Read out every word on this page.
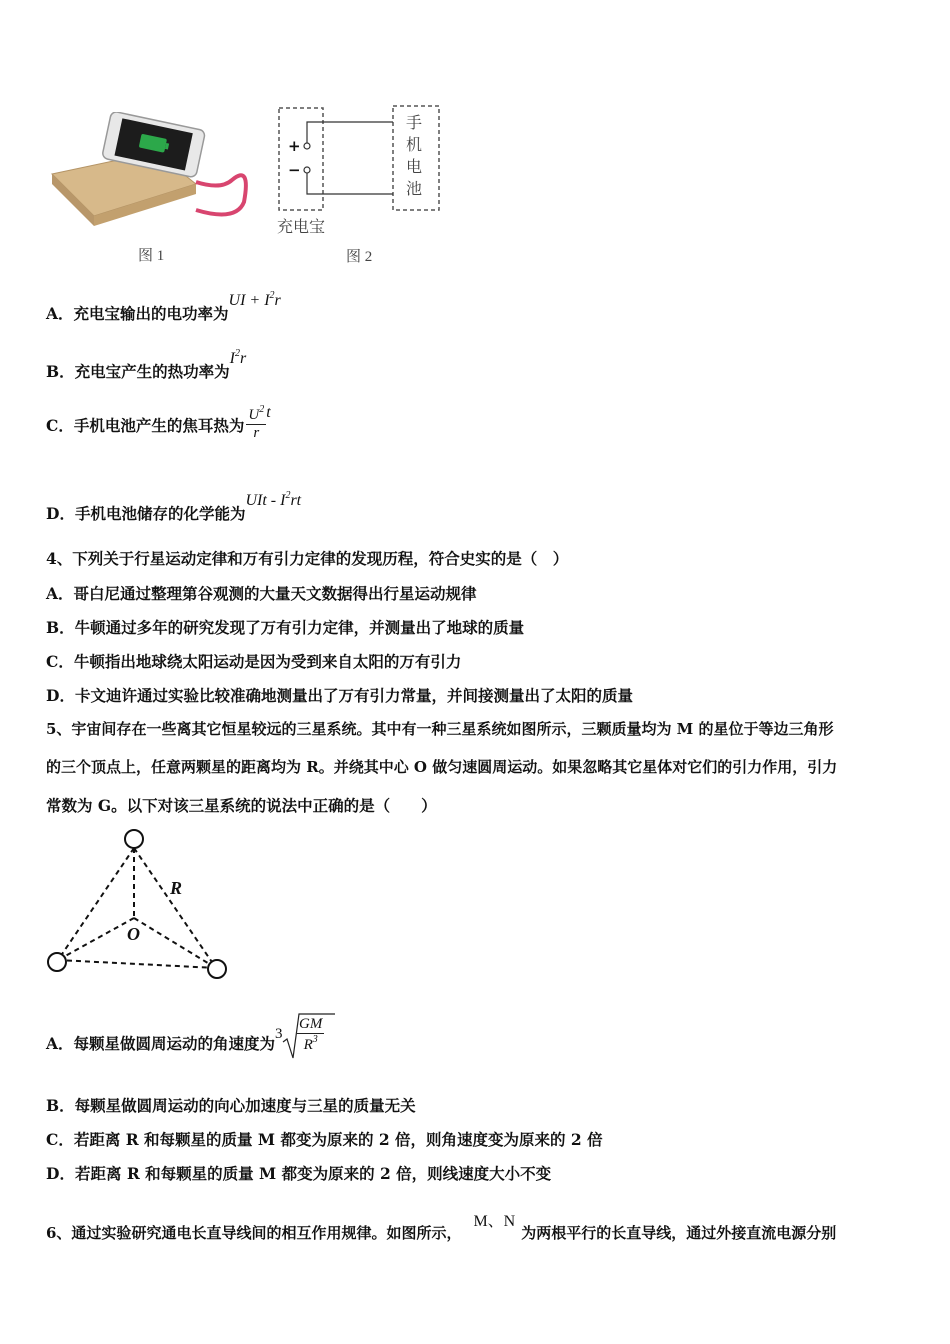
图 1
+
−
手
机
电
池
充电宝
图 2
A．充电宝输出的电功率为UI + $I^2r$
B．充电宝产生的热功率为$I^2r$
C．手机电池产生的焦耳热为 $\frac{U^2}{r}$ t
D．手机电池储存的化学能为UIt - $I^2rt$
4、下列关于行星运动定律和万有引力定律的发现历程，符合史实的是（　）
A．哥白尼通过整理第谷观测的大量天文数据得出行星运动规律
B．牛顿通过多年的研究发现了万有引力定律，并测量出了地球的质量
C．牛顿指出地球绕太阳运动是因为受到来自太阳的万有引力
D．卡文迪许通过实验比较准确地测量出了万有引力常量，并间接测量出了太阳的质量
5、宇宙间存在一些离其它恒星较远的三星系统。其中有一种三星系统如图所示，三颗质量均为 M 的星位于等边三角形
的三个顶点上，任意两颗星的距离均为 R。并绕其中心 O 做匀速圆周运动。如果忽略其它星体对它们的引力作用，引力
常数为 G。以下对该三星系统的说法中正确的是（　　）
R
O
A．每颗星做圆周运动的角速度为 3
GM
$R^3$
B．每颗星做圆周运动的向心加速度与三星的质量无关
C．若距离 R 和每颗星的质量 M 都变为原来的 2 倍，则角速度变为原来的 2 倍
D．若距离 R 和每颗星的质量 M 都变为原来的 2 倍，则线速度大小不变
6、通过实验研究通电长直导线间的相互作用规律。如图所示，M、N为两根平行的长直导线，通过外接直流电源分别
